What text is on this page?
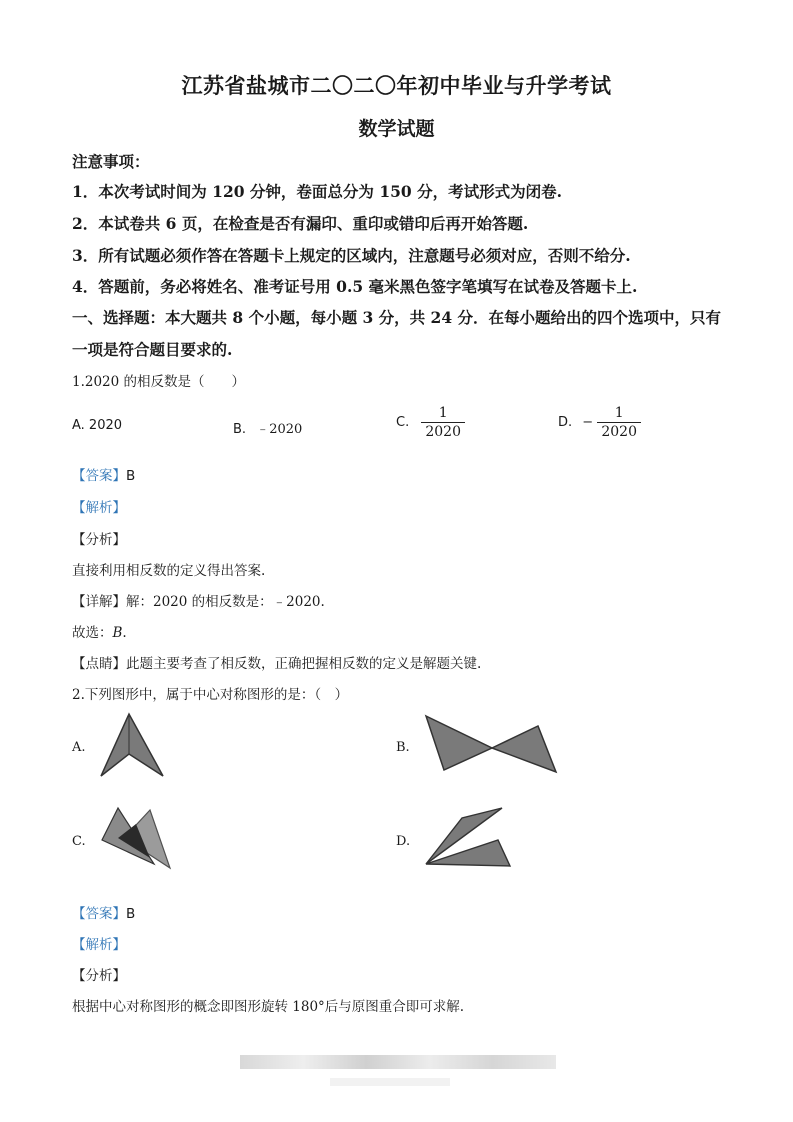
江苏省盐城市二〇二〇年初中毕业与升学考试
数学试题
注意事项：
1．本次考试时间为 120 分钟，卷面总分为 150 分，考试形式为闭卷.
2．本试卷共 6 页，在检查是否有漏印、重印或错印后再开始答题.
3．所有试题必须作答在答题卡上规定的区域内，注意题号必须对应，否则不给分.
4．答题前，务必将姓名、准考证号用 0.5 毫米黑色签字笔填写在试卷及答题卡上.
一、选择题：本大题共 8 个小题，每小题 3 分，共 24 分．在每小题给出的四个选项中，只有
一项是符合题目要求的.
1.2020 的相反数是（　　）
A. 2020	B. ﹣2020	C. $\frac{1}{2020}$	D. − $\frac{1}{2020}$
【答案】B
【解析】
【分析】
直接利用相反数的定义得出答案.
【详解】解：2020 的相反数是：﹣2020.
故选：B.
【点睛】此题主要考查了相反数，正确把握相反数的定义是解题关键.
2.下列图形中，属于中心对称图形的是：（　）
A.	B.
C.	D.
【答案】B
【解析】
【分析】
根据中心对称图形的概念即图形旋转 180°后与原图重合即可求解.
